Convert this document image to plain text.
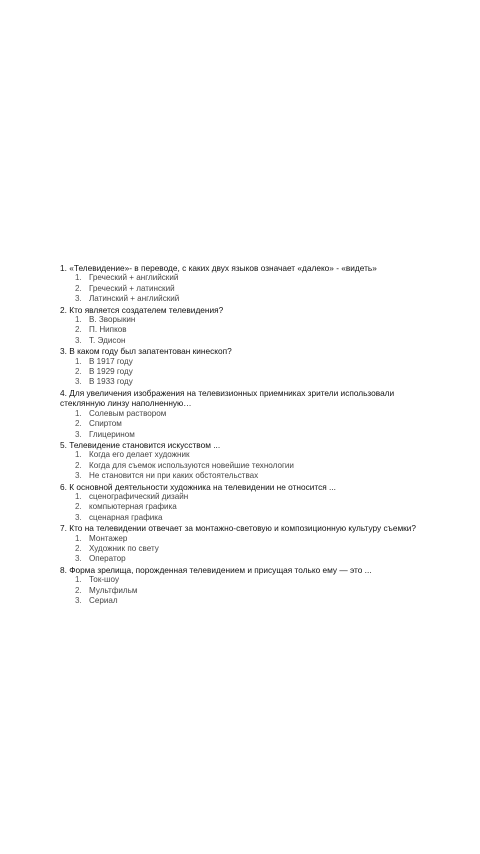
1. «Телевидение»- в переводе, с каких двух языков означает «далеко» - «видеть»

1. Греческий + английский
2. Греческий + латинский
3. Латинский + английский

2. Кто является создателем телевидения?

1. В. Зворыкин
2. П. Нипков
3. Т. Эдисон

3. В каком году был запатентован кинескоп?

1. В 1917 году
2. В 1929 году
3. В 1933 году

4. Для увеличения изображения на телевизионных приемниках зрители использовали стеклянную линзу наполненную…

1. Солевым раствором
2. Спиртом
3. Глицерином

5. Телевидение становится искусством ...

1. Когда его делает художник
2. Когда для съемок используются новейшие технологии
3. Не становится ни при каких обстоятельствах

6. К основной деятельности художника на телевидении не относится ...

1. сценографический дизайн
2. компьютерная графика
3. сценарная графика

7. Кто на телевидении отвечает за монтажно-световую и композиционную культуру съемки?

1. Монтажер
2. Художник по свету
3. Оператор

8. Форма зрелища, порожденная телевидением и присущая только ему — это ...

1. Ток-шоу
2. Мультфильм
3. Сериал
